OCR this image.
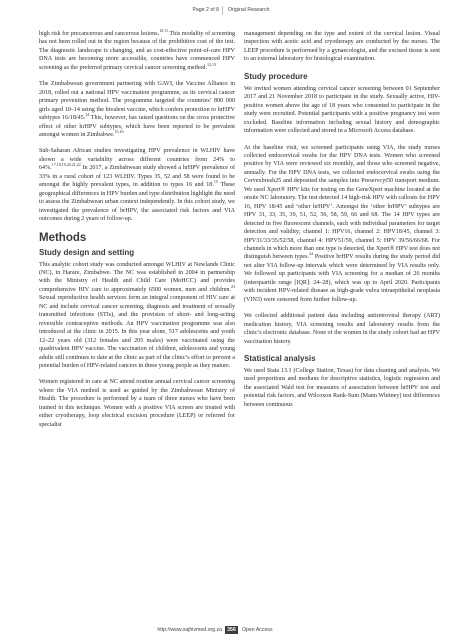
Page 2 of 8 Original Research

high risk for precancerous and cancerous lesions.$^{10,11}$ This modality of screening has not been rolled out in the region because of the prohibitive cost of the test. The diagnostic landscape is changing, and as cost-effective point-of-care HPV DNA tests are becoming more accessible, countries have commenced HPV screening as the preferred primary cervical cancer screening method.$^{12,13}$

The Zimbabwean government partnering with GAVI, the Vaccine Alliance in 2018, rolled out a national HPV vaccination programme, as its cervical cancer primary prevention method. The programme targeted the countries’ 800 000 girls aged 10–14 using the bivalent vaccine, which confers protection to hrHPV subtypes 16/18/45.14 This, however, has raised questions on the cross protective effect of other hrHPV subtypes, which have been reported to be prevalent amongst women in Zimbabwe.$^{15,16}$

Sub-Saharan African studies investigating HPV prevalence in WLHIV have shown a wide variability across different countries from 24% to 64%.$^{17,18,19,20,21,22}$ In 2017, a Zimbabwean study showed a hrHPV prevalence of 33% in a rural cohort of 123 WLHIV. Types 35, 52 and 58 were found to be amongst the highly prevalent types, in addition to types 16 and 18.15 These geographical differences in HPV burden and type distribution highlight the need to assess the Zimbabwean urban context independently. In this cohort study, we investigated the prevalence of hrHPV, the associated risk factors and VIA outcomes during 2 years of follow-up.

Methods
Study design and setting

This analytic cohort study was conducted amongst WLHIV at Newlands Clinic (NC), in Harare, Zimbabwe. The NC was established in 2004 in partnership with the Ministry of Health and Child Care (MoHCC) and provides comprehensive HIV care to approximately 6500 women, men and children.$^{23}$ Sexual reproductive health services form an integral component of HIV care at NC and include cervical cancer screening, diagnosis and treatment of sexually transmitted infections (STIs), and the provision of short- and long-acting reversible contraceptive methods. An HPV vaccination programme was also introduced at the clinic in 2015. In this year alone, 517 adolescents and youth 12–22 years old (312 females and 205 males) were vaccinated using the quadrivalent HPV vaccine. The vaccination of children, adolescents and young adults still continues to date at the clinic as part of the clinic’s effort to prevent a potential burden of HPV-related cancers in these young people as they mature.

Women registered in care at NC attend routine annual cervical cancer screening where the VIA method is used as guided by the Zimbabwean Ministry of Health. The procedure is performed by a team of three nurses who have been trained in this technique. Women with a positive VIA screen are treated with either cryotherapy, loop electrical excision procedure (LEEP) or referred for specialist

management depending on the type and extent of the cervical lesion. Visual inspection with acetic acid and cryotherapy are conducted by the nurses. The LEEP procedure is performed by a gynaecologist, and the excised tissue is sent to an external laboratory for histological examination.

Study procedure

We invited women attending cervical cancer screening between 01 September 2017 and 21 November 2018 to participate in the study. Sexually active, HIV-positive women above the age of 18 years who consented to participate in the study were recruited. Potential participants with a positive pregnancy test were excluded. Baseline information including sexual history and demographic information were collected and stored in a Microsoft Access database.

At the baseline visit, we screened participants using VIA, the study nurses collected endocervical swabs for the HPV DNA tests. Women who screened positive by VIA were reviewed six monthly, and those who screened negative, annually. For the HPV DNA tests, we collected endocervical swabs using the Cervexbrush25 and deposited the samples into Preservcyt50 transport medium. We used Xpert® HPV kits for testing on the GeneXpert machine located at the onsite NC laboratory. The test detected 14 high-risk HPV with callouts for HPV 16, HPV 18/45 and ‘other hrHPV’. Amongst the ‘other hrHPV’ subtypes are HPV 31, 33, 35, 39, 51, 52, 56, 58, 59, 66 and 68. The 14 HPV types are detected in five fluorescent channels, each with individual parameters for target detection and validity; channel 1: HPV16, channel 2: HPV18/45, channel 3: HPV31/33/35/52/58, channel 4: HPV51/59, channel 5: HPV 39/56/66/68. For channels in which more than one type is detected, the Xpert® HPV test does not distinguish between types.$^{24}$ Positive hrHPV results during the study period did not alter VIA follow-up intervals which were determined by VIA results only. We followed up participants with VIA screening for a median of 26 months (interquartile range [IQR]: 24–28), which was up to April 2020. Participants with incident HPV-related disease as high-grade vulva intraepithelial neoplasia (VIN3) were censored from further follow-up.

We collected additional patient data including antiretroviral therapy (ART) medication history, VIA screening results and laboratory results from the clinic’s electronic database. None of the women in the study cohort had an HPV vaccination history.

Statistical analysis

We used Stata 13.1 (College Station, Texas) for data cleaning and analysis. We used proportions and medians for descriptive statistics, logistic regression and the associated Wald test for measures of association between hrHPV test and potential risk factors, and Wilcoxon Rank-Sum (Mann Whitney) test differences between continuous

http://www.sajhivmed.org.za 356	Open Access
